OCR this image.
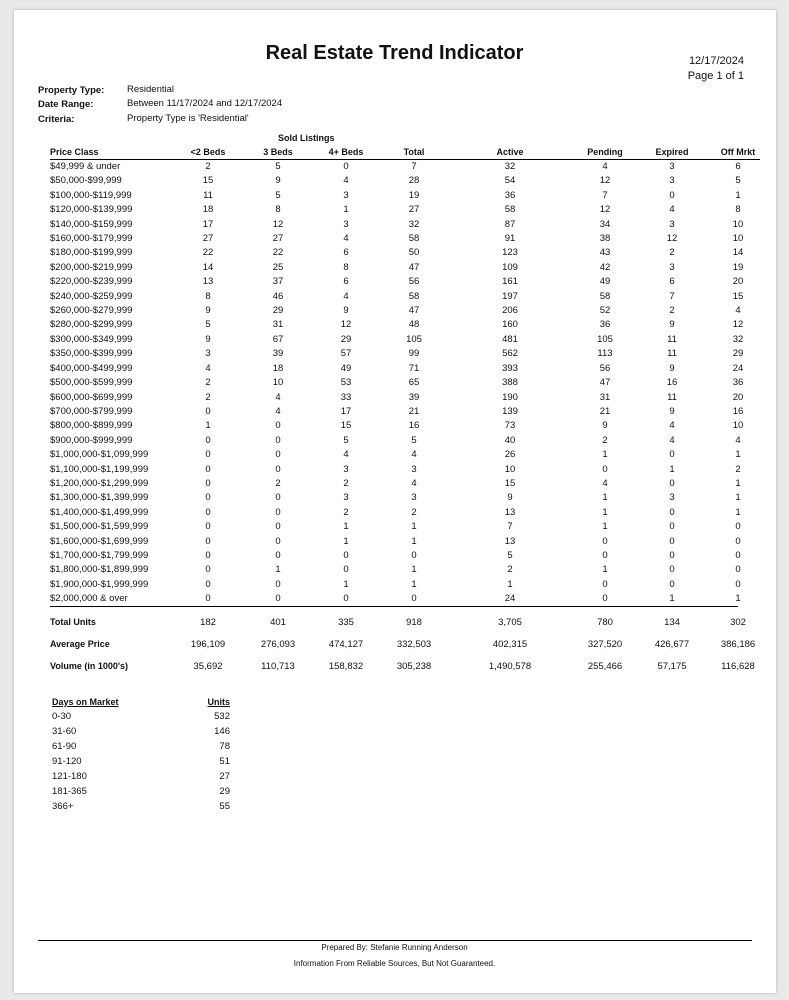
Real Estate Trend Indicator	12/17/2024
Page 1 of 1
Property Type: Residential
Date Range:	Between 11/17/2024 and 12/17/2024
Criteria:	Property Type is 'Residential'
Sold Listings
Price Class	<2 Beds	3 Beds	4+ Beds	Total	Active	Pending	Expired	Off Mrkt
$49,999 & under	2	5	0	7	32	4	3	6
$50,000-$99,999	15	9	4	28	54	12	3	5
$100,000-$119,999	11	5	3	19	36	7	0	1
$120,000-$139,999	18	8	1	27	58	12	4	8
$140,000-$159,999	17	12	3	32	87	34	3	10
$160,000-$179,999	27	27	4	58	91	38	12	10
$180,000-$199,999	22	22	6	50	123	43	2	14
$200,000-$219,999	14	25	8	47	109	42	3	19
$220,000-$239,999	13	37	6	56	161	49	6	20
$240,000-$259,999	8	46	4	58	197	58	7	15
$260,000-$279,999	9	29	9	47	206	52	2	4
$280,000-$299,999	5	31	12	48	160	36	9	12
$300,000-$349,999	9	67	29	105	481	105	11	32
$350,000-$399,999	3	39	57	99	562	113	11	29
$400,000-$499,999	4	18	49	71	393	56	9	24
$500,000-$599,999	2	10	53	65	388	47	16	36
$600,000-$699,999	2	4	33	39	190	31	11	20
$700,000-$799,999	0	4	17	21	139	21	9	16
$800,000-$899,999	1	0	15	16	73	9	4	10
$900,000-$999,999	0	0	5	5	40	2	4	4
$1,000,000-$1,099,999	0	0	4	4	26	1	0	1
$1,100,000-$1,199,999	0	0	3	3	10	0	1	2
$1,200,000-$1,299,999	0	2	2	4	15	4	0	1
$1,300,000-$1,399,999	0	0	3	3	9	1	3	1
$1,400,000-$1,499,999	0	0	2	2	13	1	0	1
$1,500,000-$1,599,999	0	0	1	1	7	1	0	0
$1,600,000-$1,699,999	0	0	1	1	13	0	0	0
$1,700,000-$1,799,999	0	0	0	0	5	0	0	0
$1,800,000-$1,899,999	0	1	0	1	2	1	0	0
$1,900,000-$1,999,999	0	0	1	1	1	0	0	0
$2,000,000 & over	0	0	0	0	24	0	1	1
Total Units	182	401	335	918	3,705	780	134	302
Average Price	196,109	276,093	474,127	332,503	402,315	327,520	426,677	386,186
Volume (in 1000's)	35,692	110,713	158,832	305,238	1,490,578	255,466	57,175	116,628
Days on Market	Units
0-30	532
31-60	146
61-90	78
91-120	51
121-180	27
181-365	29
366+	55
Prepared By: Stefanie Running Anderson
Information From Reliable Sources, But Not Guaranteed.
